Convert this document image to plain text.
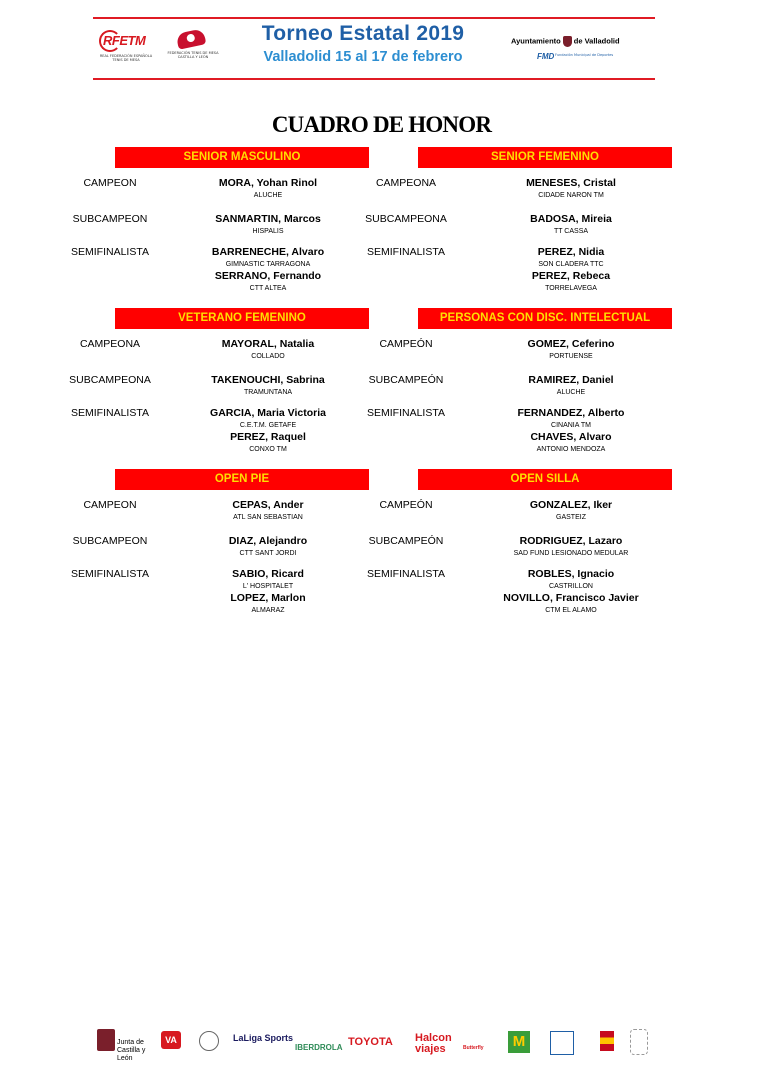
RFETM
REAL FEDERACIÓN ESPAÑOLA TENIS DE MESA
FEDERACIÓN TENIS DE MESA CASTILLA Y LEÓN
Torneo Estatal 2019
Valladolid 15 al 17 de febrero
Ayuntamiento de Valladolid
FMD Fundación Municipal de Deportes
CUADRO DE HONOR
SENIOR MASCULINO
CAMPEON	MORA, Yohan Rinol
ALUCHE
SUBCAMPEON	SANMARTIN, Marcos
HISPALIS
SEMIFINALISTA	BARRENECHE, Alvaro
GIMNASTIC TARRAGONA
SERRANO, Fernando
CTT ALTEA
SENIOR FEMENINO
CAMPEONA	MENESES, Cristal
CIDADE NARON TM
SUBCAMPEONA	BADOSA, Mireia
TT CASSA
SEMIFINALISTA	PEREZ, Nidia
SON CLADERA TTC
PEREZ, Rebeca
TORRELAVEGA
VETERANO FEMENINO
CAMPEONA	MAYORAL, Natalia
COLLADO
SUBCAMPEONA	TAKENOUCHI, Sabrina
TRAMUNTANA
SEMIFINALISTA	GARCIA, Maria Victoria
C.E.T.M. GETAFE
PEREZ, Raquel
CONXO TM
PERSONAS CON DISC. INTELECTUAL
CAMPEÓN	GOMEZ, Ceferino
PORTUENSE
SUBCAMPEÓN	RAMIREZ, Daniel
ALUCHE
SEMIFINALISTA	FERNANDEZ, Alberto
CINANIA TM
CHAVES, Alvaro
ANTONIO MENDOZA
OPEN PIE
CAMPEON	CEPAS, Ander
ATL SAN SEBASTIAN
SUBCAMPEON	DIAZ, Alejandro
CTT SANT JORDI
SEMIFINALISTA	SABIO, Ricard
L' HOSPITALET
LOPEZ, Marlon
ALMARAZ
OPEN SILLA
CAMPEÓN	GONZALEZ, Iker
GASTEIZ
SUBCAMPEÓN	RODRIGUEZ, Lazaro
SAD FUND LESIONADO MEDULAR
SEMIFINALISTA	ROBLES, Ignacio
CASTRILLON
NOVILLO, Francisco Javier
CTM EL ALAMO
Junta de Castilla y León
VA	LaLiga Sports
IBERDROLA TOYOTA Halcon viajes	Butterfly	M
